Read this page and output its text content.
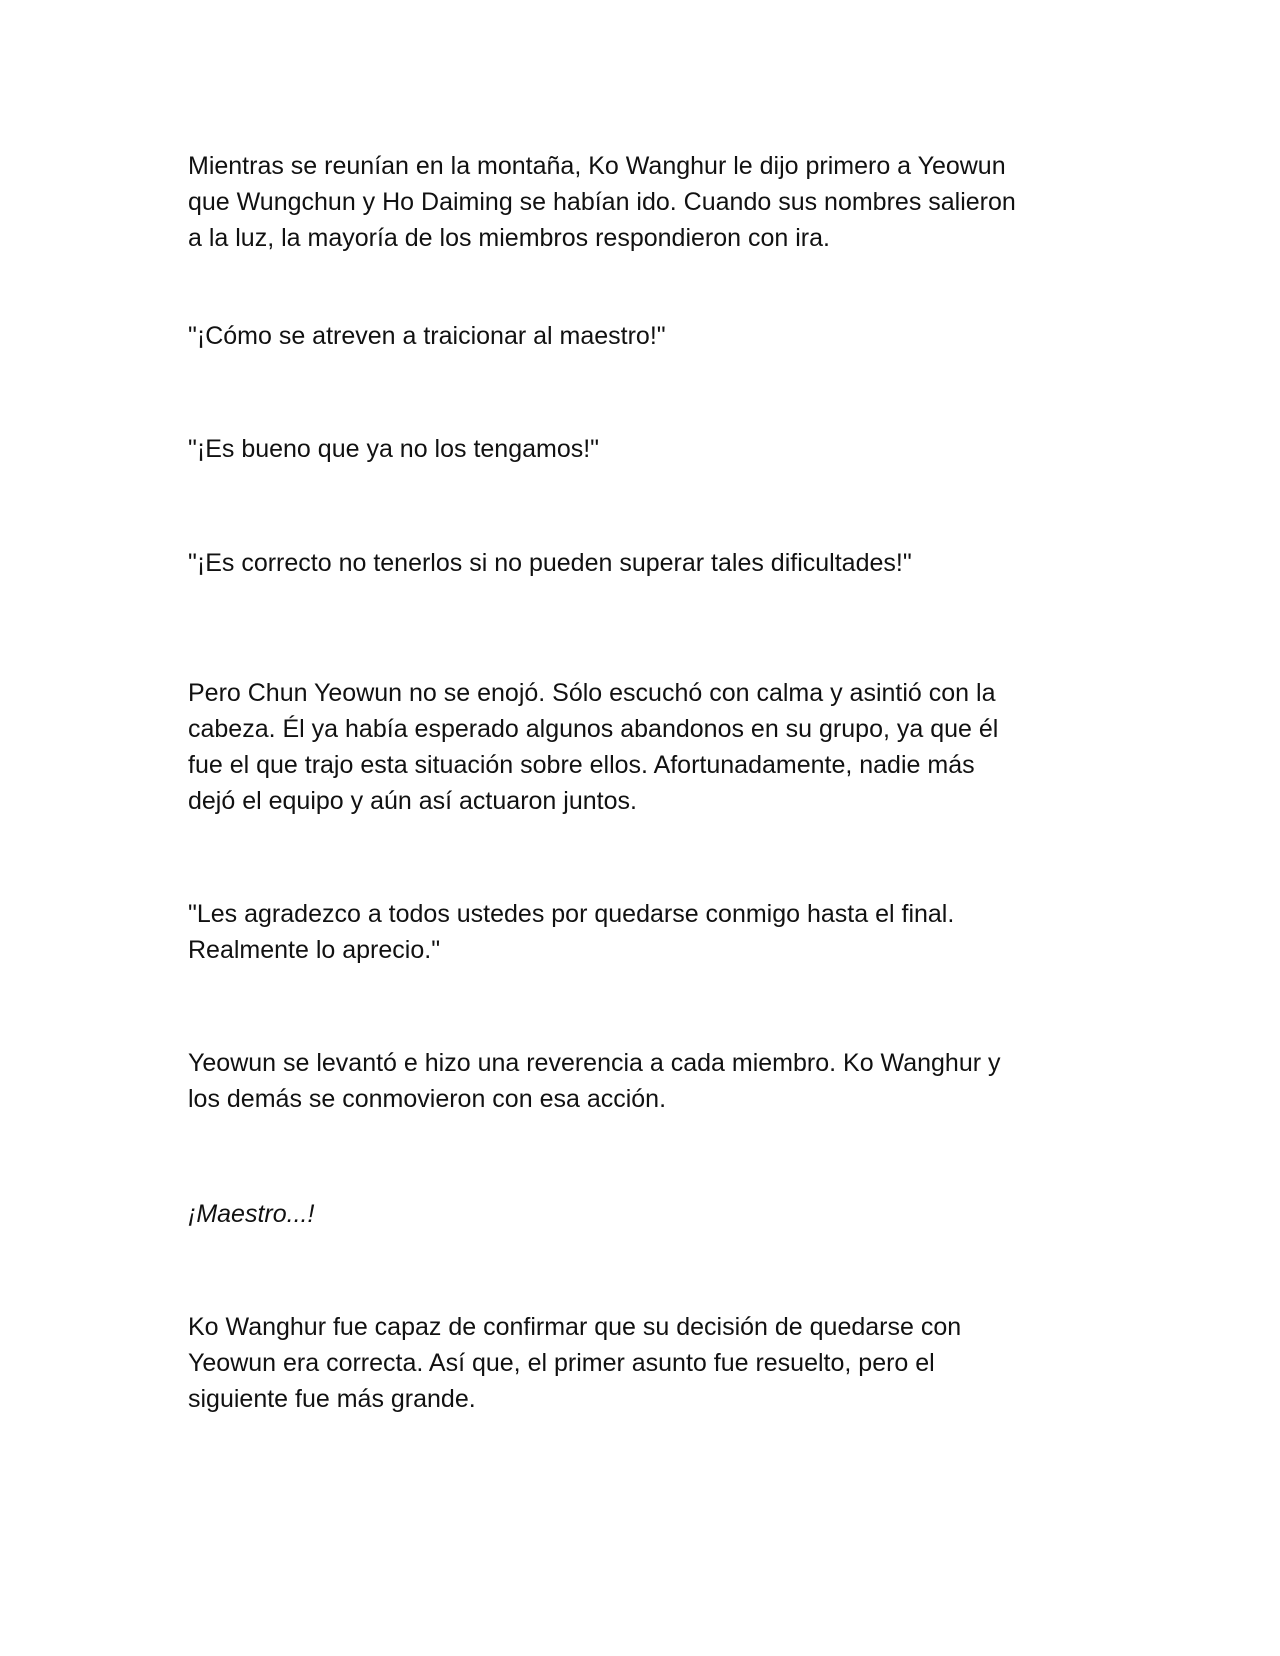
Mientras se reunían en la montaña, Ko Wanghur le dijo primero a Yeowun
que Wungchun y Ho Daiming se habían ido. Cuando sus nombres salieron
a la luz, la mayoría de los miembros respondieron con ira.

"¡Cómo se atreven a traicionar al maestro!"

"¡Es bueno que ya no los tengamos!"

"¡Es correcto no tenerlos si no pueden superar tales dificultades!"

Pero Chun Yeowun no se enojó. Sólo escuchó con calma y asintió con la
cabeza. Él ya había esperado algunos abandonos en su grupo, ya que él
fue el que trajo esta situación sobre ellos. Afortunadamente, nadie más
dejó el equipo y aún así actuaron juntos.

"Les agradezco a todos ustedes por quedarse conmigo hasta el final.
Realmente lo aprecio."

Yeowun se levantó e hizo una reverencia a cada miembro. Ko Wanghur y
los demás se conmovieron con esa acción.

¡Maestro...!

Ko Wanghur fue capaz de confirmar que su decisión de quedarse con
Yeowun era correcta. Así que, el primer asunto fue resuelto, pero el
siguiente fue más grande.
